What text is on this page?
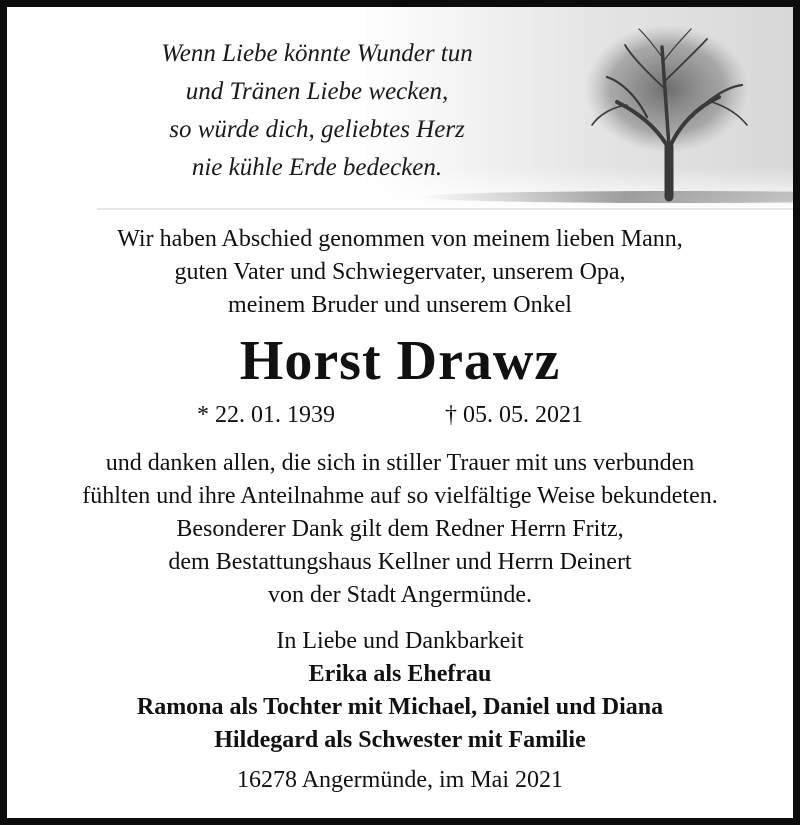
Wenn Liebe könnte Wunder tun
und Tränen Liebe wecken,
so würde dich, geliebtes Herz
nie kühle Erde bedecken.
Wir haben Abschied genommen von meinem lieben Mann,
guten Vater und Schwiegervater, unserem Opa,
meinem Bruder und unserem Onkel
Horst Drawz
* 22. 01. 1939	† 05. 05. 2021
und danken allen, die sich in stiller Trauer mit uns verbunden
fühlten und ihre Anteilnahme auf so vielfältige Weise bekundeten.
Besonderer Dank gilt dem Redner Herrn Fritz,
dem Bestattungshaus Kellner und Herrn Deinert
von der Stadt Angermünde.
In Liebe und Dankbarkeit
Erika als Ehefrau
Ramona als Tochter mit Michael, Daniel und Diana
Hildegard als Schwester mit Familie
16278 Angermünde, im Mai 2021
